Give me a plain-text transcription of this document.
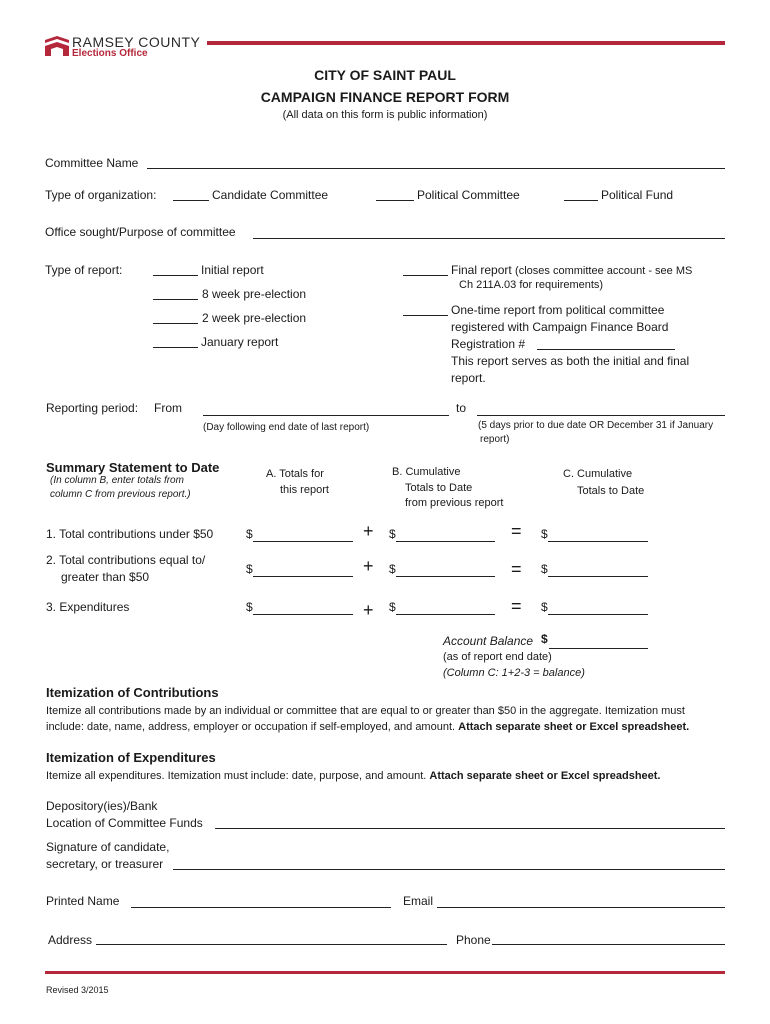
RAMSEY COUNTY
Elections Office
CITY OF SAINT PAUL
CAMPAIGN FINANCE REPORT FORM
(All data on this form is public information)
Committee Name
Type of organization:	Candidate Committee	Political Committee	Political Fund
Office sought/Purpose of committee
Type of report:	Initial report
8 week pre-election
2 week pre-election
January report
Final report (closes committee account - see MS
Ch 211A.03 for requirements)
One-time report from political committee
registered with Campaign Finance Board
Registration #
This report serves as both the initial and final
report.
Reporting period: From	to
(Day following end date of last report)	(5 days prior to due date OR December 31 if January
report)
Summary Statement to Date
(In column B, enter totals from
column C from previous report.)
A. Totals for
this report
B. Cumulative
Totals to Date
from previous report
C. Cumulative
Totals to Date
1. Total contributions under $50	$	+ $	= $
2. Total contributions equal to/
greater than $50
$	+ $	= $
3. Expenditures	$	+ $	= $
Account Balance $
(as of report end date)
(Column C: 1+2-3 = balance)
Itemization of Contributions
Itemize all contributions made by an individual or committee that are equal to or greater than $50 in the aggregate. Itemization must
include: date, name, address, employer or occupation if self-employed, and amount. Attach separate sheet or Excel spreadsheet.
Itemization of Expenditures
Itemize all expenditures. Itemization must include: date, purpose, and amount. Attach separate sheet or Excel spreadsheet.
Depository(ies)/Bank
Location of Committee Funds
Signature of candidate,
secretary, or treasurer
Printed Name	Email
Address	Phone
Revised 3/2015
